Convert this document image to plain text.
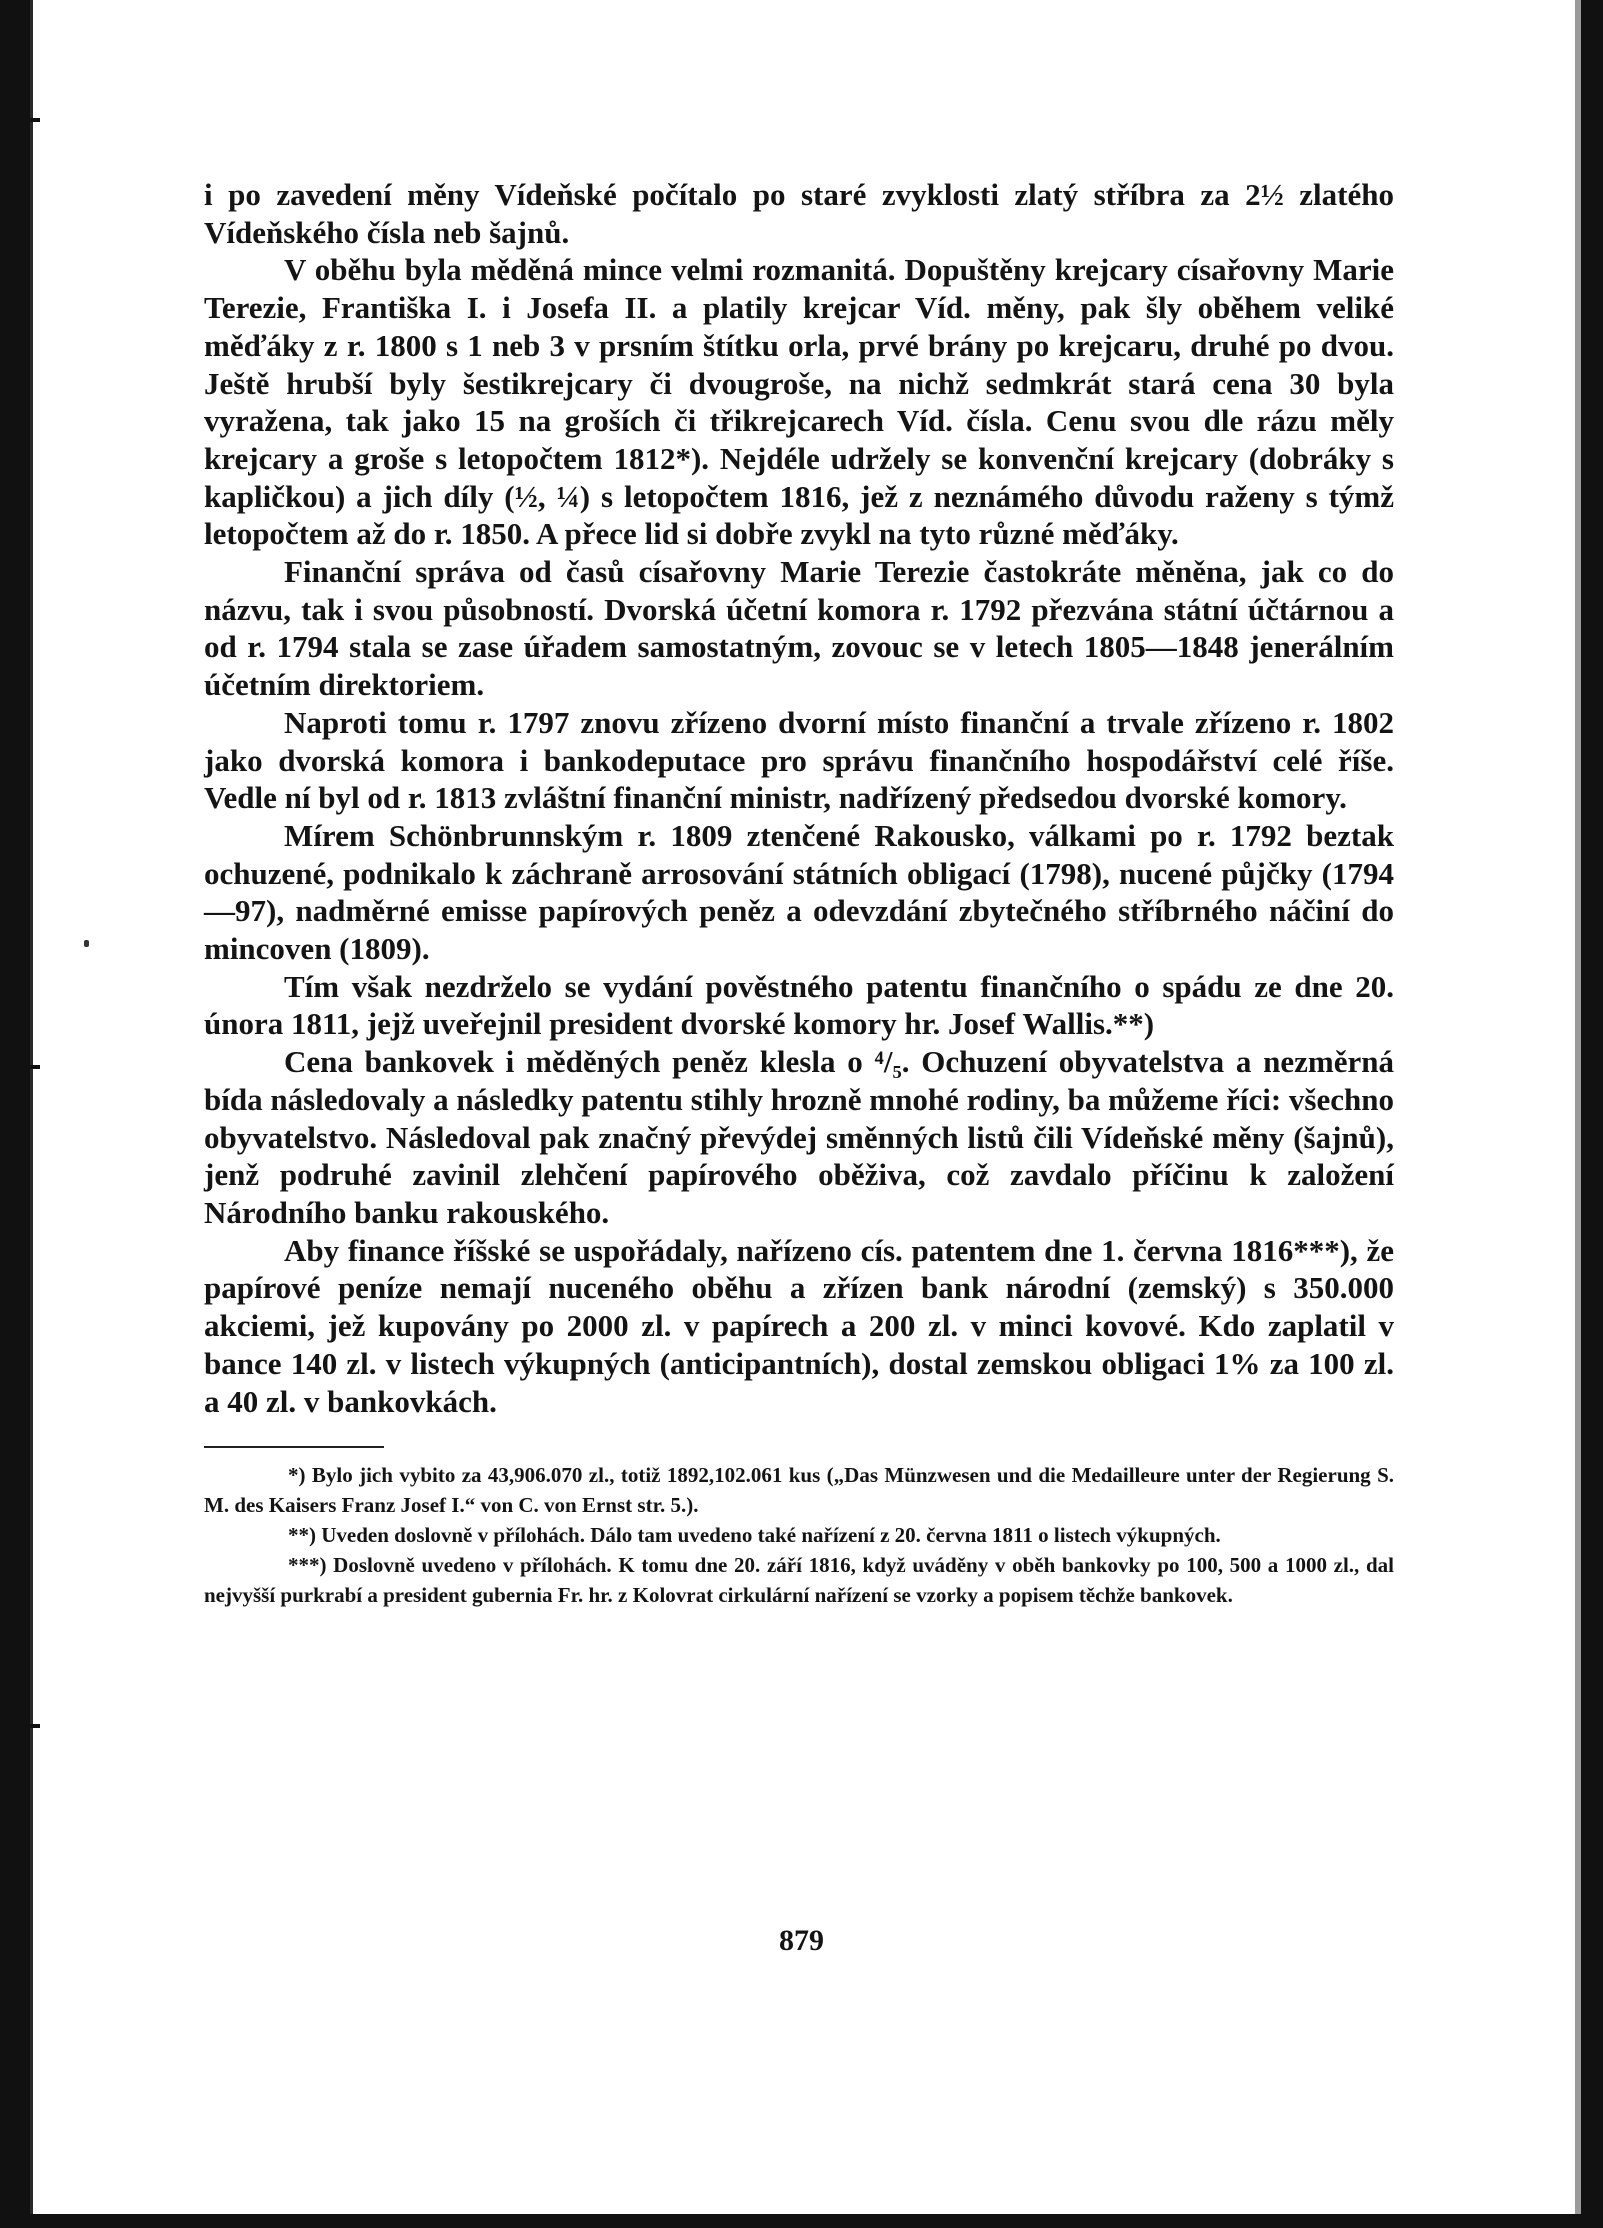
i po zavedení měny Vídeňské počítalo po staré zvyklosti zlatý stříbra za 2½ zlatého Vídeňského čísla neb šajnů.

V oběhu byla měděná mince velmi rozmanitá. Dopuštěny krejcary císařovny Marie Terezie, Františka I. i Josefa II. a platily krejcar Víd. měny, pak šly oběhem veliké měďáky z r. 1800 s 1 neb 3 v prsním štítku orla, prvé brány po krejcaru, druhé po dvou. Ještě hrubší byly šestikrejcary či dvougroše, na nichž sedmkrát stará cena 30 byla vyražena, tak jako 15 na groších či třikrejcarech Víd. čísla. Cenu svou dle rázu měly krejcary a groše s letopočtem 1812*). Nejdéle udržely se konvenční krejcary (dobráky s kapličkou) a jich díly (½, ¼) s letopočtem 1816, jež z neznámého důvodu raženy s týmž letopočtem až do r. 1850. A přece lid si dobře zvykl na tyto různé měďáky.

Finanční správa od časů císařovny Marie Terezie častokráte měněna, jak co do názvu, tak i svou působností. Dvorská účetní komora r. 1792 přezvána státní účtárnou a od r. 1794 stala se zase úřadem samostatným, zovouc se v letech 1805—1848 jenerálním účetním direktoriem.

Naproti tomu r. 1797 znovu zřízeno dvorní místo finanční a trvale zřízeno r. 1802 jako dvorská komora i bankodeputace pro správu finančního hospodářství celé říše. Vedle ní byl od r. 1813 zvláštní finanční ministr, nadřízený předsedou dvorské komory.

Mírem Schönbrunnským r. 1809 ztenčené Rakousko, válkami po r. 1792 beztak ochuzené, podnikalo k záchraně arrosování státních obligací (1798), nucené půjčky (1794—97), nadměrné emisse papírových peněz a odevzdání zbytečného stříbrného náčiní do mincoven (1809).

Tím však nezdrželo se vydání pověstného patentu finančního o spádu ze dne 20. února 1811, jejž uveřejnil president dvorské komory hr. Josef Wallis.**)

Cena bankovek i měděných peněz klesla o ⁴/₅. Ochuzení obyvatelstva a nezměrná bída následovaly a následky patentu stihly hrozně mnohé rodiny, ba můžeme říci: všechno obyvatelstvo. Následoval pak značný převýdej směnných listů čili Vídeňské měny (šajnů), jenž podruhé zavinil zlehčení papírového oběživa, což zavdalo příčinu k založení Národního banku rakouského.

Aby finance říšské se uspořádaly, nařízeno cís. patentem dne 1. června 1816***), že papírové peníze nemají nuceného oběhu a zřízen bank národní (zemský) s 350.000 akciemi, jež kupovány po 2000 zl. v papírech a 200 zl. v minci kovové. Kdo zaplatil v bance 140 zl. v listech výkupných (anticipantních), dostal zemskou obligaci 1% za 100 zl. a 40 zl. v bankovkách.

*) Bylo jich vybito za 43,906.070 zl., totiž 1892,102.061 kus („Das Münzwesen und die Medailleure unter der Regierung S. M. des Kaisers Franz Josef I.“ von C. von Ernst str. 5.).

**) Uveden doslovně v přílohách. Dálo tam uvedeno také nařízení z 20. června 1811 o listech výkupných.

***) Doslovně uvedeno v přílohách. K tomu dne 20. září 1816, když uváděny v oběh bankovky po 100, 500 a 1000 zl., dal nejvyšší purkrabí a president gubernia Fr. hr. z Kolovrat cirkulární nařízení se vzorky a popisem těchže bankovek.

879
